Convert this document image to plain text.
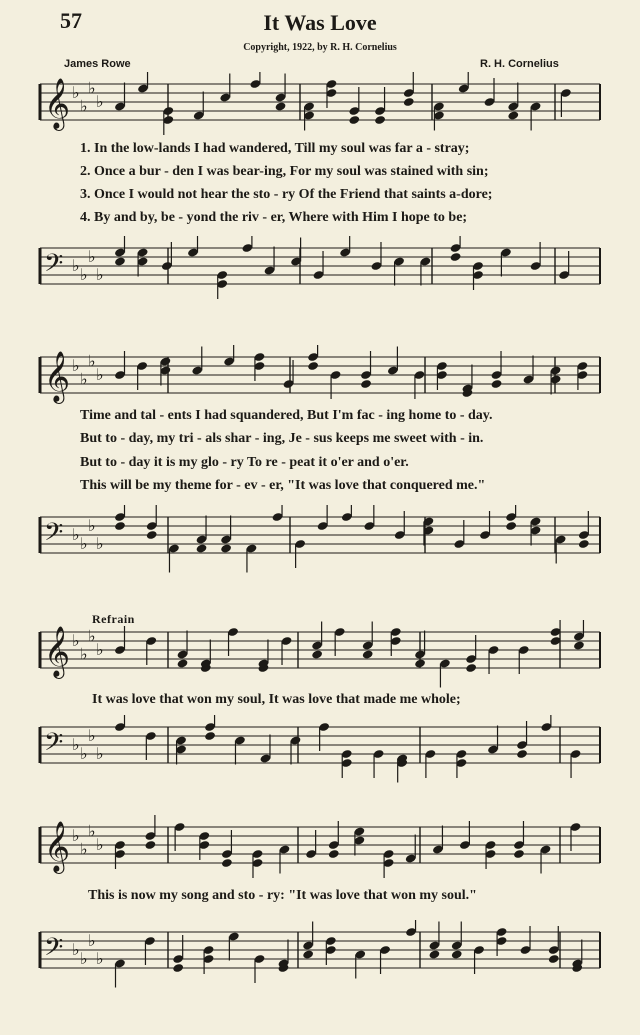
57	It Was Love
Copyright, 1922, by R. H. Cornelius
James Rowe	R. H. Cornelius
𝄞 ♭
♭
♭
♭
1. In the low-lands I had wandered, Till my soul was far a - stray;
2. Once a bur - den I was bear-ing, For my soul was stained with sin;
3. Once I would not hear the sto - ry Of the Friend that saints a-dore;
4. By and by, be - yond the riv - er, Where with Him I hope to be;
𝄢 ♭ ♭
♭
♭
𝄞 ♭
♭
♭
♭
Time and tal - ents I had squandered, But I'm fac - ing home to - day.
But to - day, my tri - als shar - ing, Je - sus keeps me sweet with - in.
But to - day it is my glo - ry To re - peat it o'er and o'er.
This will be my theme for - ev - er, "It was love that conquered me."
𝄢 ♭ ♭
♭
♭
Refrain
𝄞 ♭
♭
♭
♭
It was love that won my soul, It was love that made me whole;
𝄢 ♭ ♭
♭
♭
𝄞 ♭
♭
♭
♭
This is now my song and sto - ry: "It was love that won my soul."
𝄢 ♭ ♭
♭
♭
